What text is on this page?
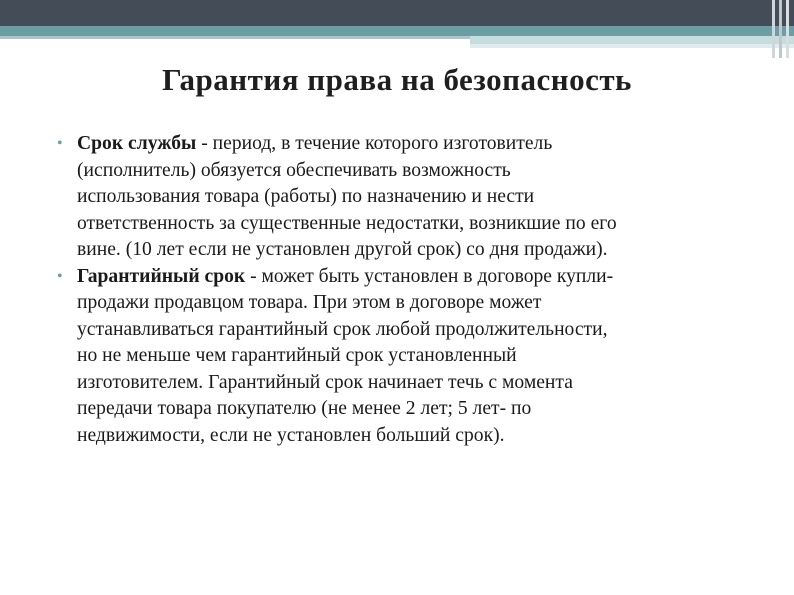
Гарантия права на безопасность
• Срок службы - период, в течение которого изготовитель
(исполнитель) обязуется обеспечивать возможность
использования товара (работы) по назначению и нести
ответственность за существенные недостатки, возникшие по его
вине. (10 лет если не установлен другой срок) со дня продажи).
• Гарантийный срок - может быть установлен в договоре купли-
продажи продавцом товара. При этом в договоре может
устанавливаться гарантийный срок любой продолжительности,
но не меньше чем гарантийный срок установленный
изготовителем. Гарантийный срок начинает течь с момента
передачи товара покупателю (не менее 2 лет; 5 лет- по
недвижимости, если не установлен больший срок).
